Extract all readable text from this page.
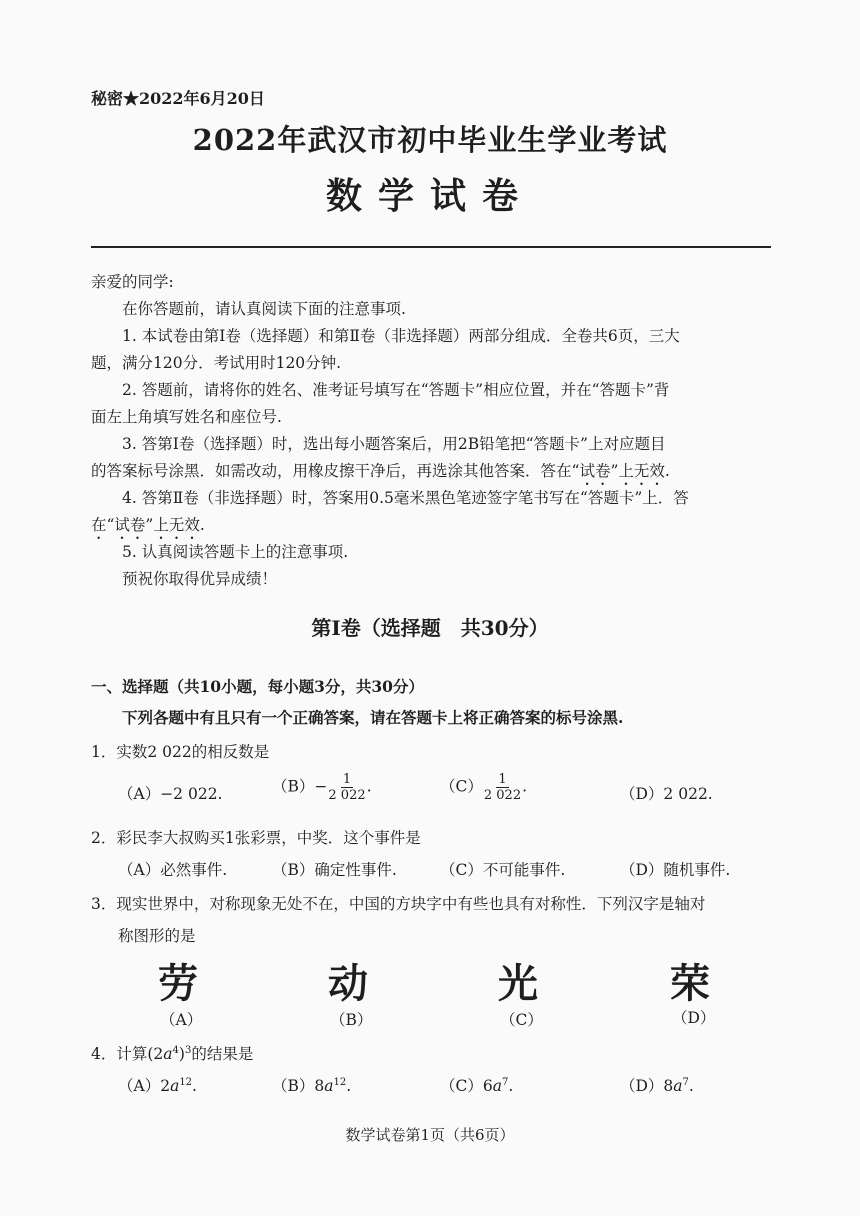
秘密★2022年6月20日
2022年武汉市初中毕业生学业考试
数学试卷
亲爱的同学:
在你答题前，请认真阅读下面的注意事项.
1. 本试卷由第Ⅰ卷（选择题）和第Ⅱ卷（非选择题）两部分组成．全卷共6页，三大
题，满分120分．考试用时120分钟.
2. 答题前，请将你的姓名、准考证号填写在“答题卡”相应位置，并在“答题卡”背
面左上角填写姓名和座位号.
3. 答第Ⅰ卷（选择题）时，选出每小题答案后，用2B铅笔把“答题卡”上对应题目
的答案标号涂黑．如需改动，用橡皮擦干净后，再选涂其他答案．答在“试卷”上无效.
4. 答第Ⅱ卷（非选择题）时，答案用0.5毫米黑色笔迹签字笔书写在“答题卡”上．答
在“试卷”上无效.
5. 认真阅读答题卡上的注意事项.
预祝你取得优异成绩！
第Ⅰ卷（选择题　共30分）
一、选择题（共10小题，每小题3分，共30分）
下列各题中有且只有一个正确答案，请在答题卡上将正确答案的标号涂黑.
1．实数2 022的相反数是
（A）−2 022.	$(B)- \frac{1}{2 022}$ .	$(C) \frac{1}{2 022}$ .	（D）2 022.
2．彩民李大叔购买1张彩票，中奖．这个事件是
（A）必然事件.	（B）确定性事件.	（C）不可能事件.	（D）随机事件.
3．现实世界中，对称现象无处不在，中国的方块字中有些也具有对称性．下列汉字是轴对
称图形的是
劳	动	光	荣
（A）	（B）	（C）	（D）
4．计算$(2a^4)^3$的结果是
$(A)2a^{12}$.	$(B)8a^{12}$.	$(C)6a^7$.	$(D)8a^7$.
数学试卷第1页（共6页）
